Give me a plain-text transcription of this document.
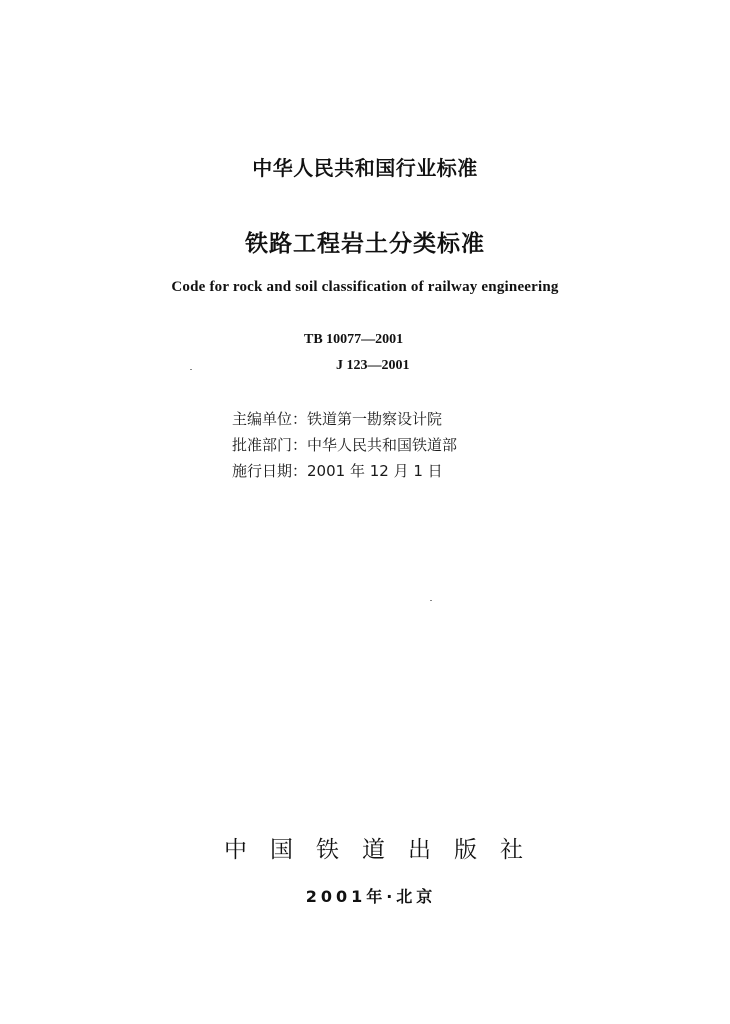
中华人民共和国行业标准
铁路工程岩土分类标准
Code for rock and soil classification of railway engineering
TB 10077—2001
J 123—2001
主编单位：铁道第一勘察设计院
批准部门：中华人民共和国铁道部
施行日期：2001 年 12 月 1 日
中国铁道出版社
2001年·北京
